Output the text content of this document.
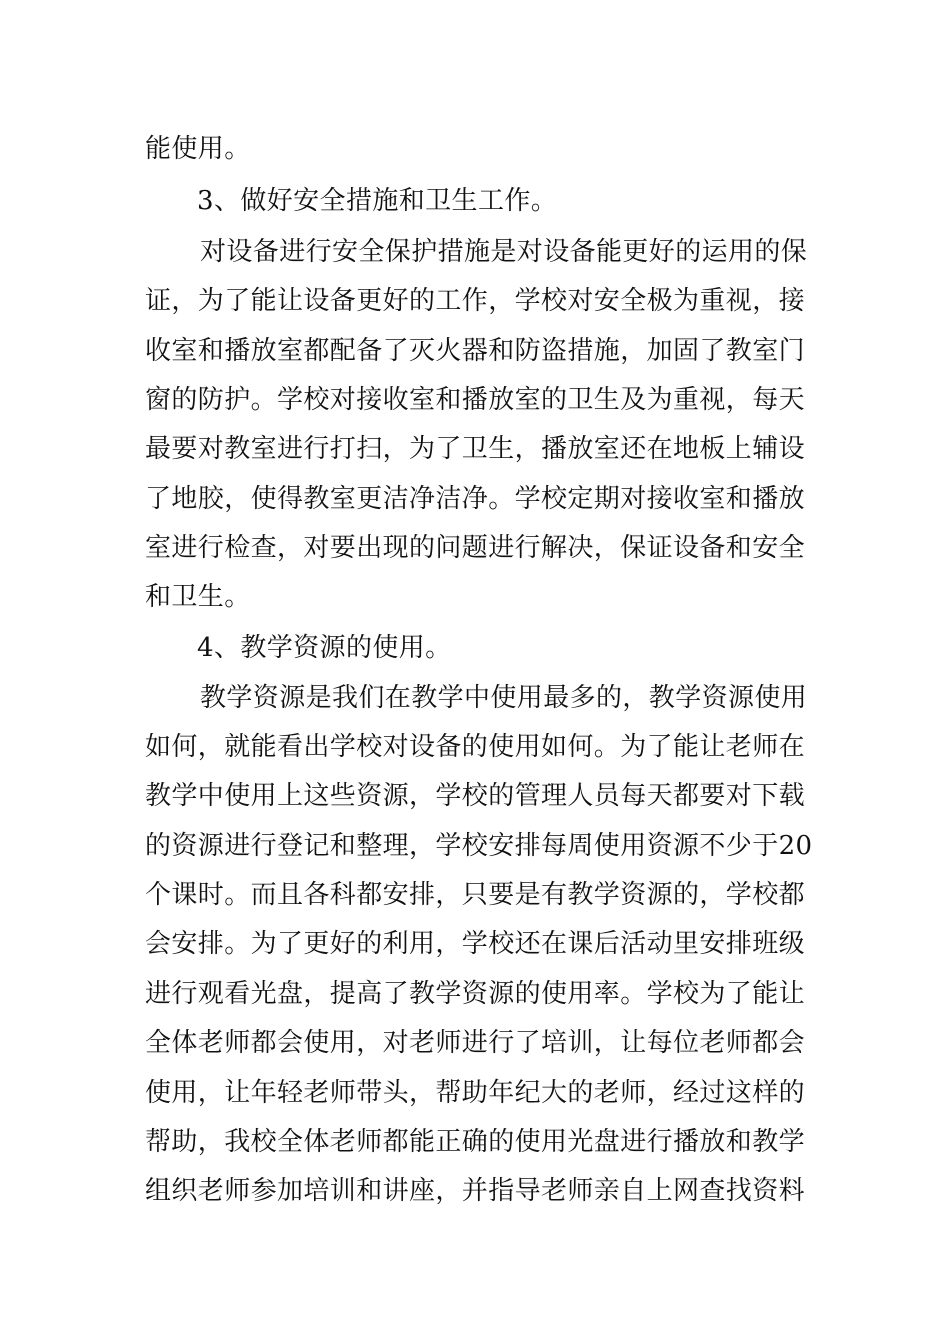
能使用。
3、做好安全措施和卫生工作。
对设备进行安全保护措施是对设备能更好的运用的保
证，为了能让设备更好的工作，学校对安全极为重视，接
收室和播放室都配备了灭火器和防盗措施，加固了教室门
窗的防护。学校对接收室和播放室的卫生及为重视，每天
最要对教室进行打扫，为了卫生，播放室还在地板上辅设
了地胶，使得教室更洁净洁净。学校定期对接收室和播放
室进行检查，对要出现的问题进行解决，保证设备和安全
和卫生。
4、教学资源的使用。
教学资源是我们在教学中使用最多的，教学资源使用
如何，就能看出学校对设备的使用如何。为了能让老师在
教学中使用上这些资源，学校的管理人员每天都要对下载
的资源进行登记和整理，学校安排每周使用资源不少于20
个课时。而且各科都安排，只要是有教学资源的，学校都
会安排。为了更好的利用，学校还在课后活动里安排班级
进行观看光盘，提高了教学资源的使用率。学校为了能让
全体老师都会使用，对老师进行了培训，让每位老师都会
使用，让年轻老师带头，帮助年纪大的老师，经过这样的
帮助，我校全体老师都能正确的使用光盘进行播放和教学
组织老师参加培训和讲座，并指导老师亲自上网查找资料
